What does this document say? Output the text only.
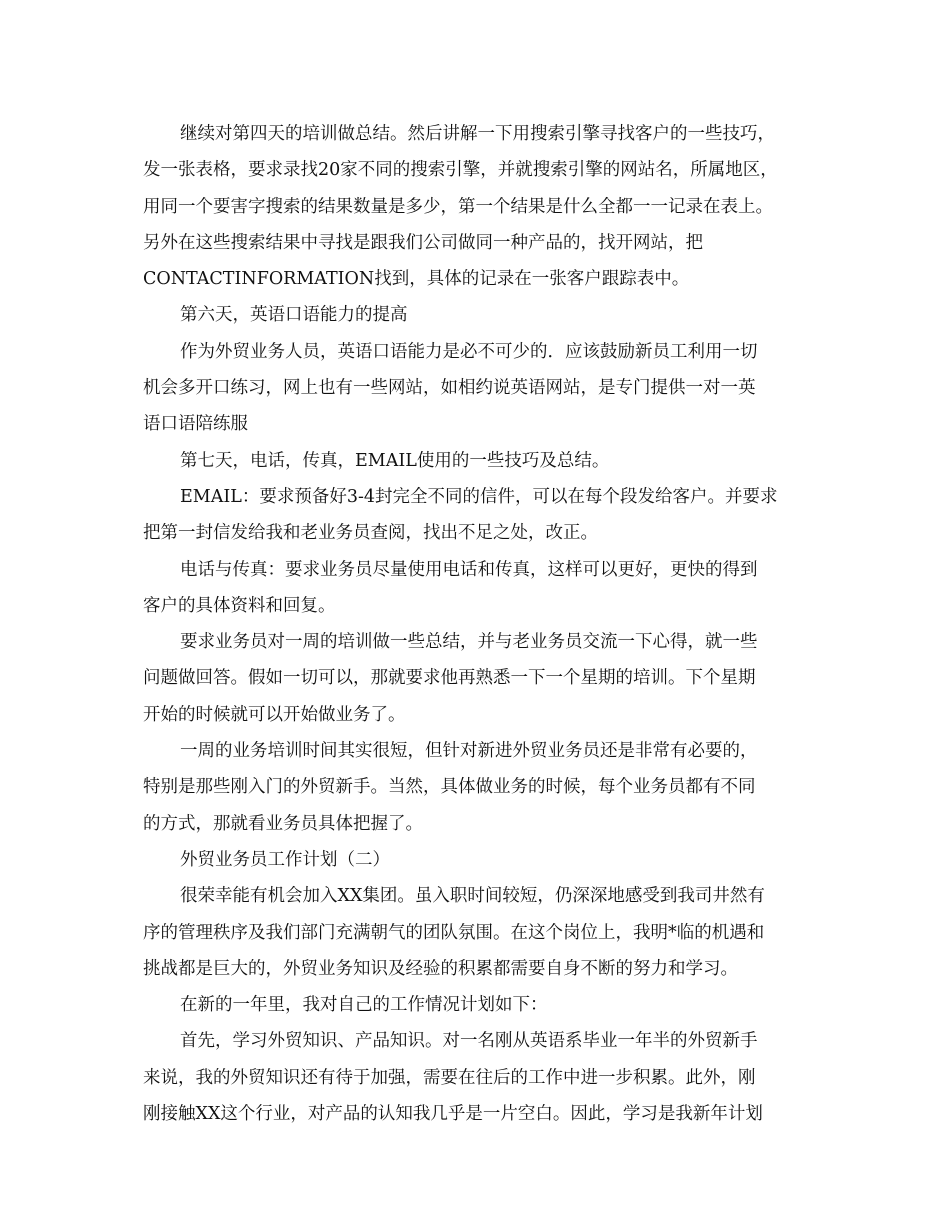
继续对第四天的培训做总结。然后讲解一下用搜索引擎寻找客户的一些技巧，
发一张表格，要求录找20家不同的搜索引擎，并就搜索引擎的网站名，所属地区，
用同一个要害字搜索的结果数量是多少，第一个结果是什么全都一一记录在表上。
另外在这些搜索结果中寻找是跟我们公司做同一种产品的，找开网站，把
CONTACTINFORMATION找到，具体的记录在一张客户跟踪表中。
第六天，英语口语能力的提高
作为外贸业务人员，英语口语能力是必不可少的．应该鼓励新员工利用一切
机会多开口练习，网上也有一些网站，如相约说英语网站，是专门提供一对一英
语口语陪练服
第七天，电话，传真，EMAIL使用的一些技巧及总结。
EMAIL：要求预备好3-4封完全不同的信件，可以在每个段发给客户。并要求
把第一封信发给我和老业务员查阅，找出不足之处，改正。
电话与传真：要求业务员尽量使用电话和传真，这样可以更好，更快的得到
客户的具体资料和回复。
要求业务员对一周的培训做一些总结，并与老业务员交流一下心得，就一些
问题做回答。假如一切可以，那就要求他再熟悉一下一个星期的培训。下个星期
开始的时候就可以开始做业务了。
一周的业务培训时间其实很短，但针对新进外贸业务员还是非常有必要的，
特别是那些刚入门的外贸新手。当然，具体做业务的时候，每个业务员都有不同
的方式，那就看业务员具体把握了。
外贸业务员工作计划（二）
很荣幸能有机会加入XX集团。虽入职时间较短，仍深深地感受到我司井然有
序的管理秩序及我们部门充满朝气的团队氛围。在这个岗位上，我明*临的机遇和
挑战都是巨大的，外贸业务知识及经验的积累都需要自身不断的努力和学习。
在新的一年里，我对自己的工作情况计划如下：
首先，学习外贸知识、产品知识。对一名刚从英语系毕业一年半的外贸新手
来说，我的外贸知识还有待于加强，需要在往后的工作中进一步积累。此外，刚
刚接触XX这个行业，对产品的认知我几乎是一片空白。因此，学习是我新年计划
